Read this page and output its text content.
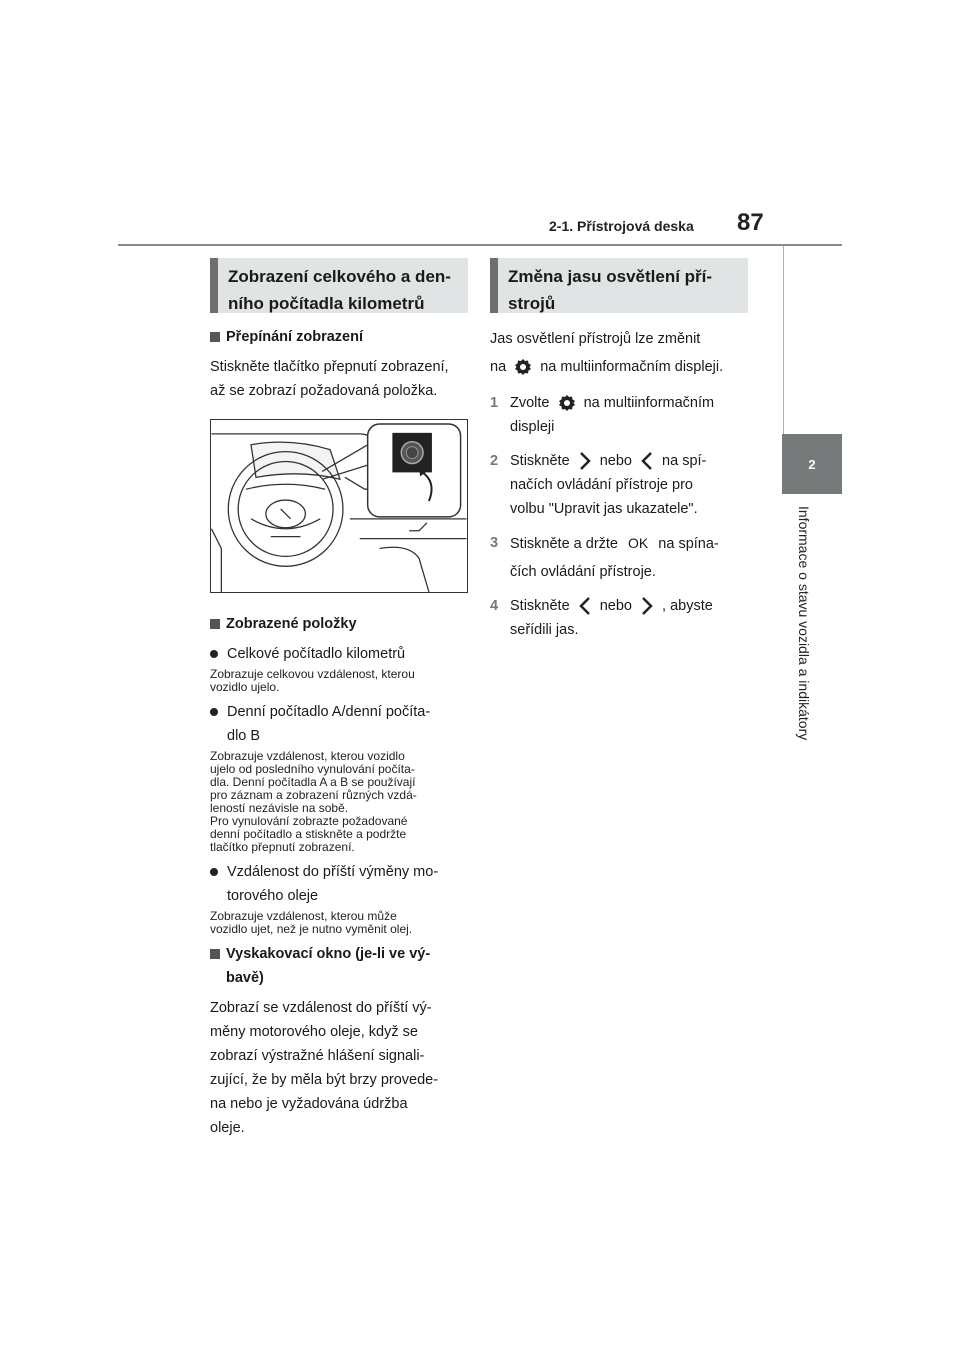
2-1. Přístrojová deska 87
2
Informace o stavu vozidla a indikátory
Zobrazení celkového a den-
ního počítadla kilometrů
Přepínání zobrazení
Stiskněte tlačítko přepnutí zobrazení,
až se zobrazí požadovaná položka.
Zobrazené položky
Celkové počítadlo kilometrů
Zobrazuje celkovou vzdálenost, kterou
vozidlo ujelo.
Denní počítadlo A/denní počíta-
dlo B
Zobrazuje vzdálenost, kterou vozidlo
ujelo od posledního vynulování počíta-
dla. Denní počítadla A a B se používají
pro záznam a zobrazení různých vzdá-
leností nezávisle na sobě.
Pro vynulování zobrazte požadované
denní počítadlo a stiskněte a podržte
tlačítko přepnutí zobrazení.
Vzdálenost do příští výměny mo-
torového oleje
Zobrazuje vzdálenost, kterou může
vozidlo ujet, než je nutno vyměnit olej.
Vyskakovací okno (je-li ve vý-
bavě)
Zobrazí se vzdálenost do příští vý-
měny motorového oleje, když se
zobrazí výstražné hlášení signali-
zující, že by měla být brzy provede-
na nebo je vyžadována údržba
oleje.
Změna jasu osvětlení pří-
strojů
Jas osvětlení přístrojů lze změnit
na na multiinformačním displeji.
1 Zvolte na multiinformačním
displeji
2 Stiskněte nebo na spí-
načích ovládání přístroje pro
volbu "Upravit jas ukazatele".
3 Stiskněte a držte OK na spína-
čích ovládání přístroje.
4 Stiskněte nebo , abyste
seřídili jas.
